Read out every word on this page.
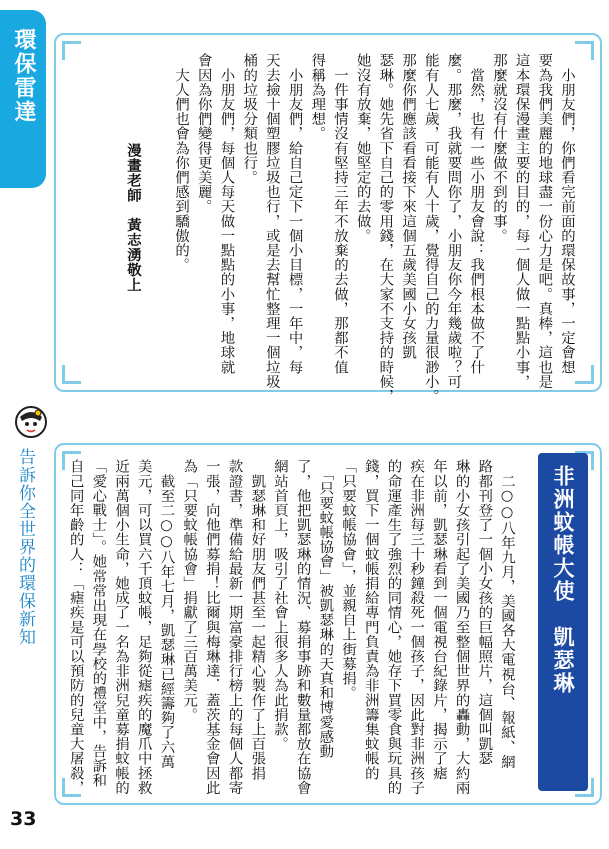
環保雷達
告訴你全世界的環保新知
33
　小朋友們，你們看完前面的環保故事，一定會想
要為我們美麗的地球盡一份心力是吧。真棒，這也是
這本環保漫畫主要的目的，每一個人做一點點小事，
那麼就沒有什麼做不到的事。
　當然，也有一些小朋友會說：我們根本做不了什
麼。那麼，我就要問你了，小朋友你今年幾歲啦？可
能有人七歲，可能有人十歲，覺得自己的力量很渺小。
那麼你們應該看看接下來這個五歲美國小女孩凱
瑟琳。她先省下自己的零用錢，在大家不支持的時候，
她沒有放棄，她堅定的去做。
　一件事情沒有堅持三年不放棄的去做，那都不值
得稱為理想。
　小朋友們，給自己定下一個小目標，一年中，每
天去撿十個塑膠垃圾也行，或是去幫忙整理一個垃圾
桶的垃圾分類也行。
　小朋友們，每個人每天做一點點的小事，地球就
會因為你們變得更美麗。
　大人們也會為你們感到驕傲的。
漫畫老師　黃志湧敬上
非洲蚊帳大使　凱瑟琳
　二○○八年九月，美國各大電視台、報紙、網
路都刊登了一個小女孩的巨幅照片，這個叫凱瑟
琳的小女孩引起了美國乃至整個世界的轟動，大約兩
年以前，凱瑟琳看到一個電視台紀錄片，揭示了瘧
疾在非洲每三十秒鐘殺死一個孩子，因此對非洲孩子
的命運產生了強烈的同情心，她存下買零食與玩具的
錢，買下一個蚊帳捐給專門負責為非洲籌集蚊帳的
「只要蚊帳協會」，並親自上街募捐。
　「只要蚊帳協會」被凱瑟琳的天真和博愛感動
了，他把凱瑟琳的情況、募捐事跡和數量都放在協會
網站首頁上，吸引了社會上很多人為此捐款。
　凱瑟琳和好朋友們甚至一起精心製作了上百張捐
款證書，準備給最新一期富豪排行榜上的每個人都寄
一張，向他們募捐！比爾與梅琳達．蓋茨基金會因此
為「只要蚊帳協會」捐獻了三百萬美元。
　截至二○○八年七月，凱瑟琳已經籌夠了六萬
美元，可以買六千頂蚊帳，足夠從瘧疾的魔爪中拯救
近兩萬個小生命，她成了一名為非洲兒童募捐蚊帳的
「愛心戰士」。她常常出現在學校的禮堂中，告訴和
自己同年齡的人：「瘧疾是可以預防的兒童大屠殺，
